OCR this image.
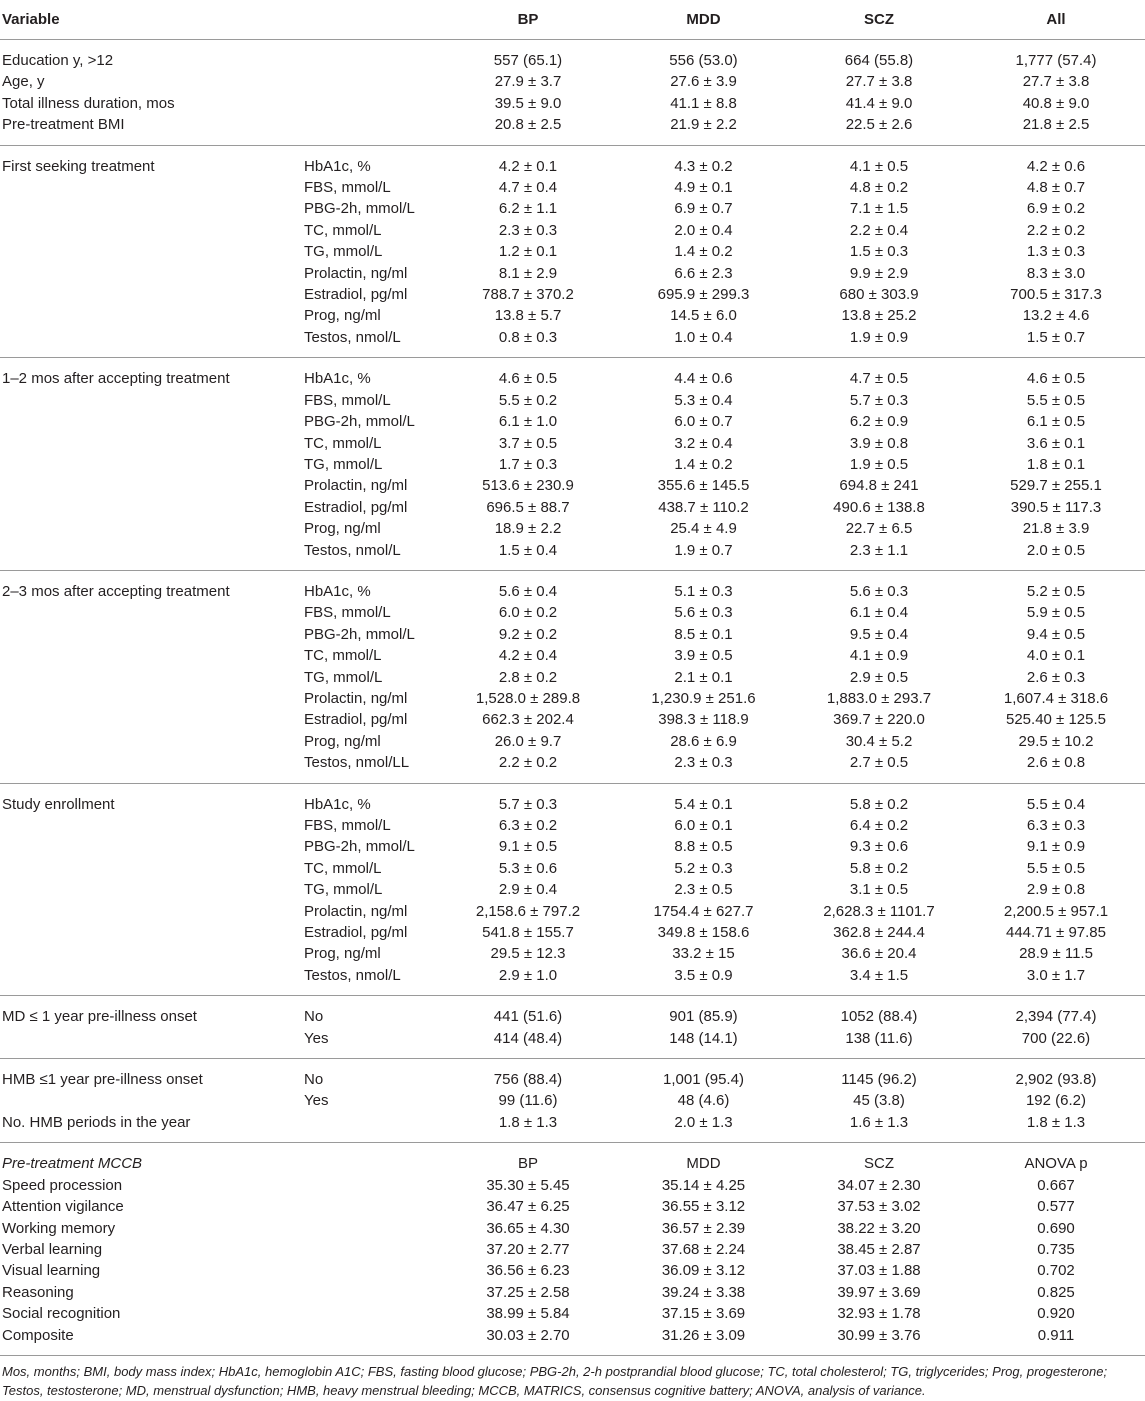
Variable		BP	MDD	SCZ	All
Education y, >12		557 (65.1)	556 (53.0)	664 (55.8)	1,777 (57.4)
Age, y		27.9 ± 3.7	27.6 ± 3.9	27.7 ± 3.8	27.7 ± 3.8
Total illness duration, mos		39.5 ± 9.0	41.1 ± 8.8	41.4 ± 9.0	40.8 ± 9.0
Pre-treatment BMI		20.8 ± 2.5	21.9 ± 2.2	22.5 ± 2.6	21.8 ± 2.5
First seeking treatment	HbA1c, %	4.2 ± 0.1	4.3 ± 0.2	4.1 ± 0.5	4.2 ± 0.6
	FBS, mmol/L	4.7 ± 0.4	4.9 ± 0.1	4.8 ± 0.2	4.8 ± 0.7
	PBG-2h, mmol/L	6.2 ± 1.1	6.9 ± 0.7	7.1 ± 1.5	6.9 ± 0.2
	TC, mmol/L	2.3 ± 0.3	2.0 ± 0.4	2.2 ± 0.4	2.2 ± 0.2
	TG, mmol/L	1.2 ± 0.1	1.4 ± 0.2	1.5 ± 0.3	1.3 ± 0.3
	Prolactin, ng/ml	8.1 ± 2.9	6.6 ± 2.3	9.9 ± 2.9	8.3 ± 3.0
	Estradiol, pg/ml	788.7 ± 370.2	695.9 ± 299.3	680 ± 303.9	700.5 ± 317.3
	Prog, ng/ml	13.8 ± 5.7	14.5 ± 6.0	13.8 ± 25.2	13.2 ± 4.6
	Testos, nmol/L	0.8 ± 0.3	1.0 ± 0.4	1.9 ± 0.9	1.5 ± 0.7
1–2 mos after accepting treatment	HbA1c, %	4.6 ± 0.5	4.4 ± 0.6	4.7 ± 0.5	4.6 ± 0.5
	FBS, mmol/L	5.5 ± 0.2	5.3 ± 0.4	5.7 ± 0.3	5.5 ± 0.5
	PBG-2h, mmol/L	6.1 ± 1.0	6.0 ± 0.7	6.2 ± 0.9	6.1 ± 0.5
	TC, mmol/L	3.7 ± 0.5	3.2 ± 0.4	3.9 ± 0.8	3.6 ± 0.1
	TG, mmol/L	1.7 ± 0.3	1.4 ± 0.2	1.9 ± 0.5	1.8 ± 0.1
	Prolactin, ng/ml	513.6 ± 230.9	355.6 ± 145.5	694.8 ± 241	529.7 ± 255.1
	Estradiol, pg/ml	696.5 ± 88.7	438.7 ± 110.2	490.6 ± 138.8	390.5 ± 117.3
	Prog, ng/ml	18.9 ± 2.2	25.4 ± 4.9	22.7 ± 6.5	21.8 ± 3.9
	Testos, nmol/L	1.5 ± 0.4	1.9 ± 0.7	2.3 ± 1.1	2.0 ± 0.5
2–3 mos after accepting treatment	HbA1c, %	5.6 ± 0.4	5.1 ± 0.3	5.6 ± 0.3	5.2 ± 0.5
	FBS, mmol/L	6.0 ± 0.2	5.6 ± 0.3	6.1 ± 0.4	5.9 ± 0.5
	PBG-2h, mmol/L	9.2 ± 0.2	8.5 ± 0.1	9.5 ± 0.4	9.4 ± 0.5
	TC, mmol/L	4.2 ± 0.4	3.9 ± 0.5	4.1 ± 0.9	4.0 ± 0.1
	TG, mmol/L	2.8 ± 0.2	2.1 ± 0.1	2.9 ± 0.5	2.6 ± 0.3
	Prolactin, ng/ml	1,528.0 ± 289.8	1,230.9 ± 251.6	1,883.0 ± 293.7	1,607.4 ± 318.6
	Estradiol, pg/ml	662.3 ± 202.4	398.3 ± 118.9	369.7 ± 220.0	525.40 ± 125.5
	Prog, ng/ml	26.0 ± 9.7	28.6 ± 6.9	30.4 ± 5.2	29.5 ± 10.2
	Testos, nmol/LL	2.2 ± 0.2	2.3 ± 0.3	2.7 ± 0.5	2.6 ± 0.8
Study enrollment	HbA1c, %	5.7 ± 0.3	5.4 ± 0.1	5.8 ± 0.2	5.5 ± 0.4
	FBS, mmol/L	6.3 ± 0.2	6.0 ± 0.1	6.4 ± 0.2	6.3 ± 0.3
	PBG-2h, mmol/L	9.1 ± 0.5	8.8 ± 0.5	9.3 ± 0.6	9.1 ± 0.9
	TC, mmol/L	5.3 ± 0.6	5.2 ± 0.3	5.8 ± 0.2	5.5 ± 0.5
	TG, mmol/L	2.9 ± 0.4	2.3 ± 0.5	3.1 ± 0.5	2.9 ± 0.8
	Prolactin, ng/ml	2,158.6 ± 797.2	1754.4 ± 627.7	2,628.3 ± 1101.7	2,200.5 ± 957.1
	Estradiol, pg/ml	541.8 ± 155.7	349.8 ± 158.6	362.8 ± 244.4	444.71 ± 97.85
	Prog, ng/ml	29.5 ± 12.3	33.2 ± 15	36.6 ± 20.4	28.9 ± 11.5
	Testos, nmol/L	2.9 ± 1.0	3.5 ± 0.9	3.4 ± 1.5	3.0 ± 1.7
MD ≤ 1 year pre-illness onset	No	441 (51.6)	901 (85.9)	1052 (88.4)	2,394 (77.4)
	Yes	414 (48.4)	148 (14.1)	138 (11.6)	700 (22.6)
HMB ≤1 year pre-illness onset	No	756 (88.4)	1,001 (95.4)	1145 (96.2)	2,902 (93.8)
	Yes	99 (11.6)	48 (4.6)	45 (3.8)	192 (6.2)
No. HMB periods in the year		1.8 ± 1.3	2.0 ± 1.3	1.6 ± 1.3	1.8 ± 1.3
Pre-treatment MCCB		BP	MDD	SCZ	ANOVA p
Speed procession		35.30 ± 5.45	35.14 ± 4.25	34.07 ± 2.30	0.667
Attention vigilance		36.47 ± 6.25	36.55 ± 3.12	37.53 ± 3.02	0.577
Working memory		36.65 ± 4.30	36.57 ± 2.39	38.22 ± 3.20	0.690
Verbal learning		37.20 ± 2.77	37.68 ± 2.24	38.45 ± 2.87	0.735
Visual learning		36.56 ± 6.23	36.09 ± 3.12	37.03 ± 1.88	0.702
Reasoning		37.25 ± 2.58	39.24 ± 3.38	39.97 ± 3.69	0.825
Social recognition		38.99 ± 5.84	37.15 ± 3.69	32.93 ± 1.78	0.920
Composite		30.03 ± 2.70	31.26 ± 3.09	30.99 ± 3.76	0.911
Mos, months; BMI, body mass index; HbA1c, hemoglobin A1C; FBS, fasting blood glucose; PBG-2h, 2-h postprandial blood glucose; TC, total cholesterol; TG, triglycerides; Prog, progesterone; Testos, testosterone; MD, menstrual dysfunction; HMB, heavy menstrual bleeding; MCCB, MATRICS, consensus cognitive battery; ANOVA, analysis of variance.
